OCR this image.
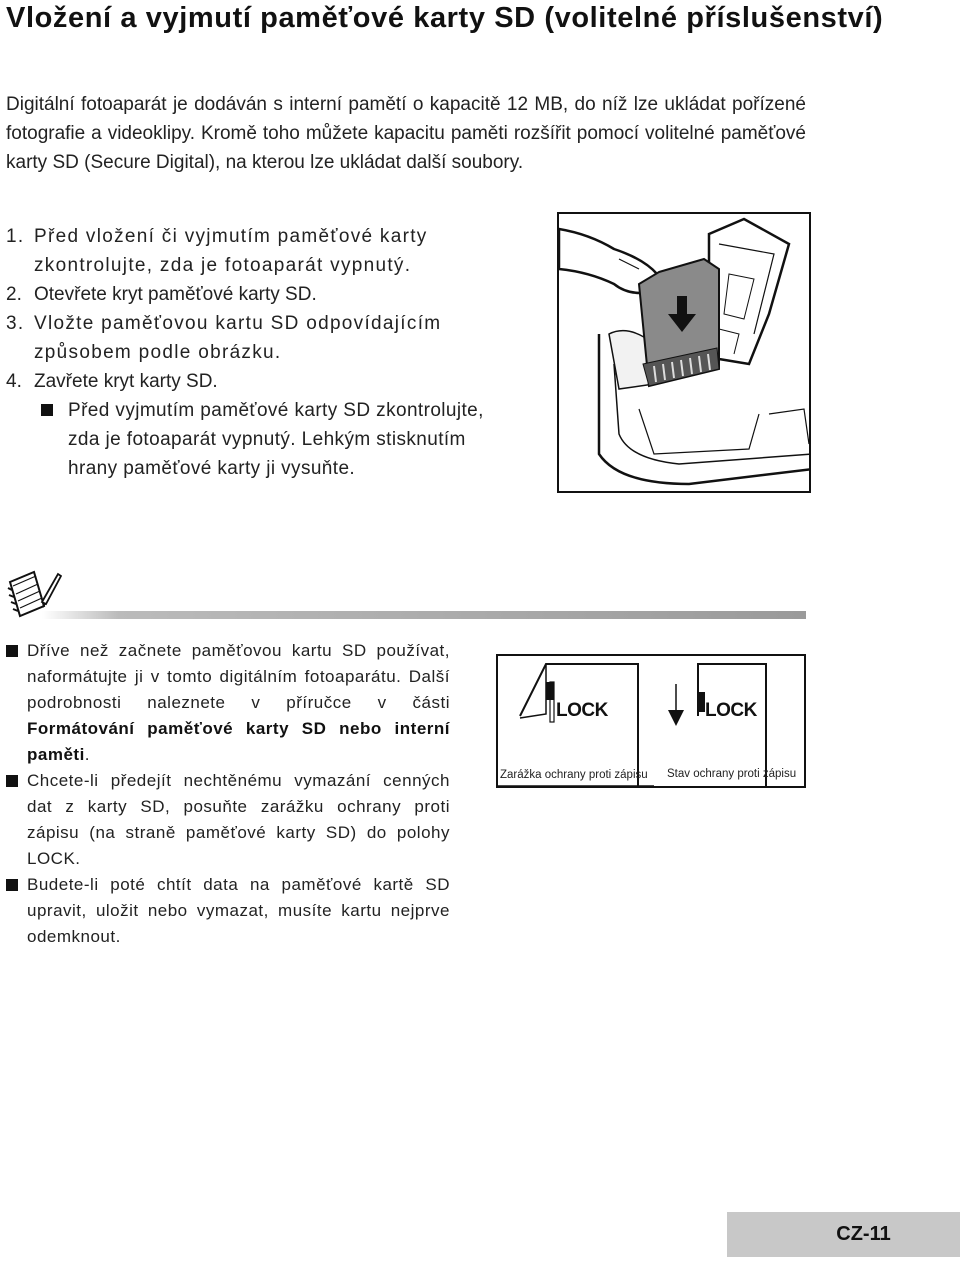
Vložení a vyjmutí paměťové karty SD (volitelné příslušenství)

Digitální fotoaparát je dodáván s interní pamětí o kapacitě 12 MB, do níž lze ukládat pořízené fotografie a videoklipy. Kromě toho můžete kapacitu paměti rozšířit pomocí volitelné paměťové karty SD (Secure Digital), na kterou lze ukládat další soubory.

1. Před vložení či vyjmutím paměťové karty zkontrolujte, zda je fotoaparát vypnutý.
2. Otevřete kryt paměťové karty SD.
3. Vložte paměťovou kartu SD odpovídajícím způsobem podle obrázku.
4. Zavřete kryt karty SD.
Před vyjmutím paměťové karty SD zkontrolujte, zda je fotoaparát vypnutý. Lehkým stisknutím hrany paměťové karty ji vysuňte.
Dříve než začnete paměťovou kartu SD používat, naformátujte ji v tomto digitálním fotoaparátu. Další podrobnosti naleznete v příručce v části Formátování paměťové karty SD nebo interní paměti.
Chcete-li předejít nechtěnému vymazání cenných dat z karty SD, posuňte zarážku ochrany proti zápisu (na straně paměťové karty SD) do polohy LOCK.
Budete-li poté chtít data na paměťové kartě SD upravit, uložit nebo vymazat, musíte kartu nejprve odemknout.
LOCK	LOCK
Zarážka ochrany proti zápisu Stav ochrany proti zápisu
CZ-11
